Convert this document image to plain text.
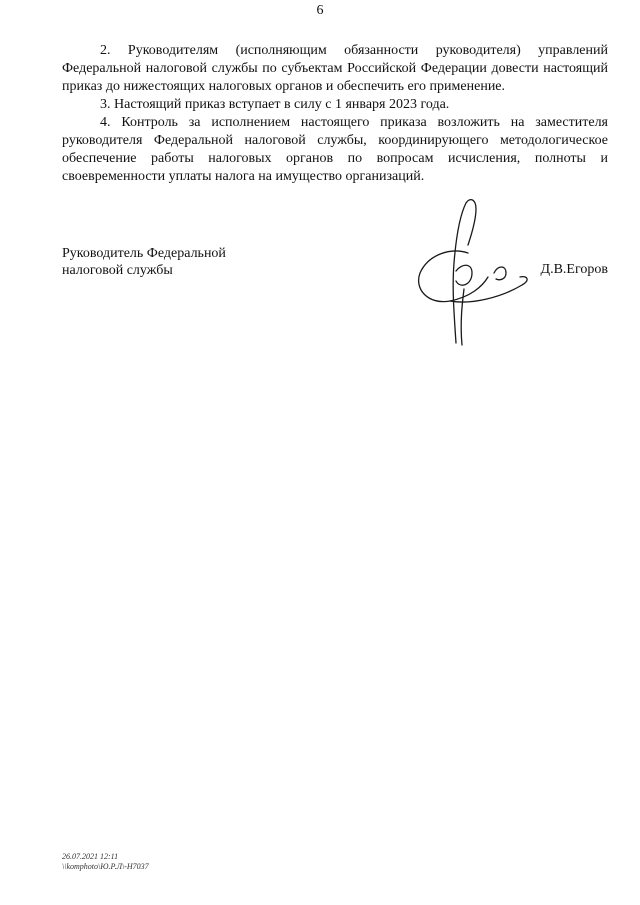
6

2. Руководителям (исполняющим обязанности руководителя) управлений Федеральной налоговой службы по субъектам Российской Федерации довести настоящий приказ до нижестоящих налоговых органов и обеспечить его применение.

3. Настоящий приказ вступает в силу с 1 января 2023 года.

4. Контроль за исполнением настоящего приказа возложить на заместителя руководителя Федеральной налоговой службы, координирующего методологическое обеспечение работы налоговых органов по вопросам исчисления, полноты и своевременности уплаты налога на имущество организаций.

Руководитель Федеральной
налоговой службы	Д.В.Егоров
26.07.2021 12:11
\\komphoto\Ю.Р.Л\-Н7037
